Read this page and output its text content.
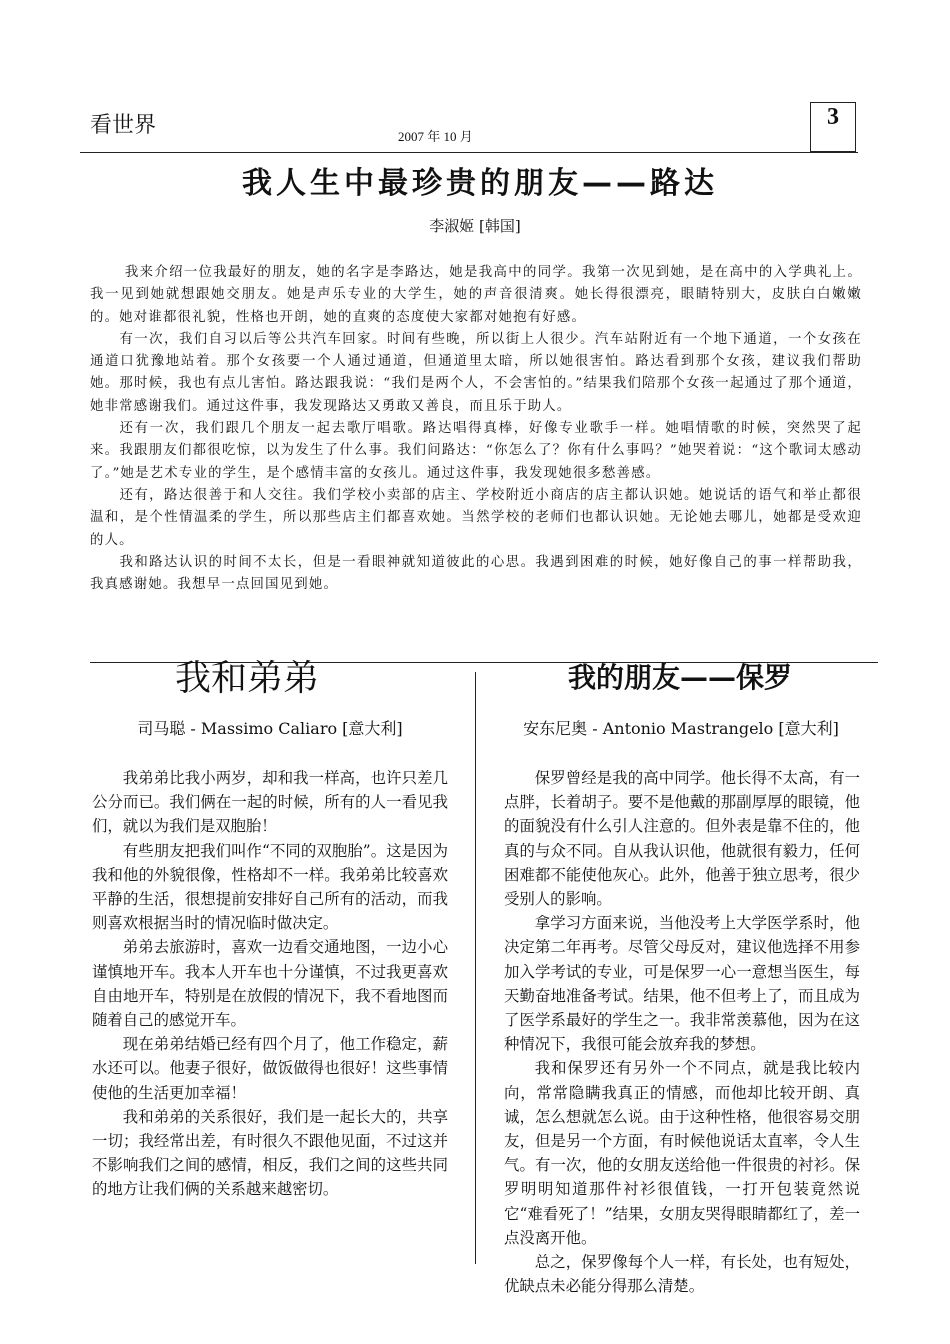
看世界	2007 年 10 月
3
我人生中最珍贵的朋友——路达
李淑姬 [韩国]

我来介绍一位我最好的朋友，她的名字是李路达，她是我高中的同学。我第一次见到她，是在高中的入学典礼上。我一见到她就想跟她交朋友。她是声乐专业的大学生，她的声音很清爽。她长得很漂亮，眼睛特别大，皮肤白白嫩嫩的。她对谁都很礼貌，性格也开朗，她的直爽的态度使大家都对她抱有好感。

有一次，我们自习以后等公共汽车回家。时间有些晚，所以街上人很少。汽车站附近有一个地下通道，一个女孩在通道口犹豫地站着。那个女孩要一个人通过通道，但通道里太暗，所以她很害怕。路达看到那个女孩，建议我们帮助她。那时候，我也有点儿害怕。路达跟我说：“我们是两个人，不会害怕的。”结果我们陪那个女孩一起通过了那个通道，她非常感谢我们。通过这件事，我发现路达又勇敢又善良，而且乐于助人。

还有一次，我们跟几个朋友一起去歌厅唱歌。路达唱得真棒，好像专业歌手一样。她唱情歌的时候，突然哭了起来。我跟朋友们都很吃惊，以为发生了什么事。我们问路达：“你怎么了？你有什么事吗？”她哭着说：“这个歌词太感动了。”她是艺术专业的学生，是个感情丰富的女孩儿。通过这件事，我发现她很多愁善感。

还有，路达很善于和人交往。我们学校小卖部的店主、学校附近小商店的店主都认识她。她说话的语气和举止都很温和，是个性情温柔的学生，所以那些店主们都喜欢她。当然学校的老师们也都认识她。无论她去哪儿，她都是受欢迎的人。

我和路达认识的时间不太长，但是一看眼神就知道彼此的心思。我遇到困难的时候，她好像自己的事一样帮助我，我真感谢她。我想早一点回国见到她。

我和弟弟
司马聪 - Massimo Caliaro [意大利]

我弟弟比我小两岁，却和我一样高，也许只差几公分而已。我们俩在一起的时候，所有的人一看见我们，就以为我们是双胞胎！

有些朋友把我们叫作“不同的双胞胎”。这是因为我和他的外貌很像，性格却不一样。我弟弟比较喜欢平静的生活，很想提前安排好自己所有的活动，而我则喜欢根据当时的情况临时做决定。

弟弟去旅游时，喜欢一边看交通地图，一边小心谨慎地开车。我本人开车也十分谨慎，不过我更喜欢自由地开车，特别是在放假的情况下，我不看地图而随着自己的感觉开车。

现在弟弟结婚已经有四个月了，他工作稳定，薪水还可以。他妻子很好，做饭做得也很好！这些事情使他的生活更加幸福！

我和弟弟的关系很好，我们是一起长大的，共享一切；我经常出差，有时很久不跟他见面，不过这并不影响我们之间的感情，相反，我们之间的这些共同的地方让我们俩的关系越来越密切。

我的朋友——保罗
安东尼奥 - Antonio Mastrangelo [意大利]

保罗曾经是我的高中同学。他长得不太高，有一点胖，长着胡子。要不是他戴的那副厚厚的眼镜，他的面貌没有什么引人注意的。但外表是靠不住的，他真的与众不同。自从我认识他，他就很有毅力，任何困难都不能使他灰心。此外，他善于独立思考，很少受别人的影响。

拿学习方面来说，当他没考上大学医学系时，他决定第二年再考。尽管父母反对，建议他选择不用参加入学考试的专业，可是保罗一心一意想当医生，每天勤奋地准备考试。结果，他不但考上了，而且成为了医学系最好的学生之一。我非常羡慕他，因为在这种情况下，我很可能会放弃我的梦想。

我和保罗还有另外一个不同点，就是我比较内向，常常隐瞒我真正的情感，而他却比较开朗、真诚，怎么想就怎么说。由于这种性格，他很容易交朋友，但是另一个方面，有时候他说话太直率，令人生气。有一次，他的女朋友送给他一件很贵的衬衫。保罗明明知道那件衬衫很值钱，一打开包装竟然说它“难看死了！”结果，女朋友哭得眼睛都红了，差一点没离开他。

总之，保罗像每个人一样，有长处，也有短处，优缺点未必能分得那么清楚。
